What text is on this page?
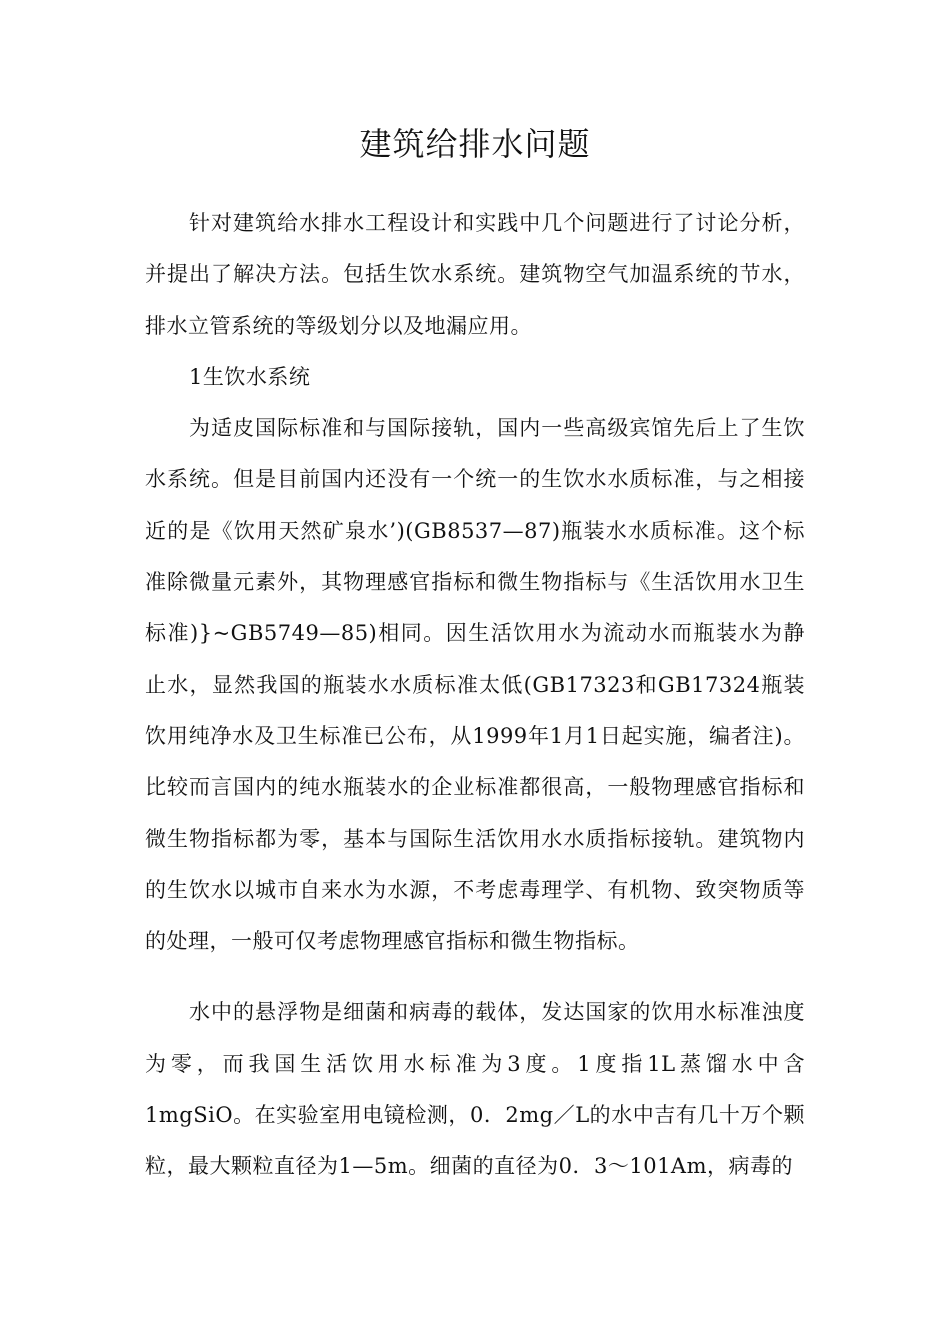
建筑给排水问题

针对建筑给水排水工程设计和实践中几个问题进行了讨论分析，并提出了解决方法。包括生饮水系统。建筑物空气加温系统的节水，排水立管系统的等级划分以及地漏应用。

1生饮水系统

为适皮国际标准和与国际接轨，国内一些高级宾馆先后上了生饮水系统。但是目前国内还没有一个统一的生饮水水质标准，与之相接近的是《饮用天然矿泉水’)(GB8537—87)瓶装水水质标准。这个标准除微量元素外，其物理感官指标和微生物指标与《生活饮用水卫生标准)}~GB5749—85)相同。因生活饮用水为流动水而瓶装水为静止水，显然我国的瓶装水水质标准太低(GB17323和GB17324瓶装饮用纯净水及卫生标准已公布，从1999年1月1日起实施，编者注)。比较而言国内的纯水瓶装水的企业标准都很高，一般物理感官指标和微生物指标都为零，基本与国际生活饮用水水质指标接轨。建筑物内的生饮水以城市自来水为水源，不考虑毒理学、有机物、致突物质等的处理，一般可仅考虑物理感官指标和微生物指标。

水中的悬浮物是细菌和病毒的载体，发达国家的饮用水标准浊度为零，而我国生活饮用水标准为3度。1度指1L蒸馏水中含1mgSiO。在实验室用电镜检测，0．2mg／L的水中吉有几十万个颗粒，最大颗粒直径为1—5m。细菌的直径为0．3～101Am，病毒的
